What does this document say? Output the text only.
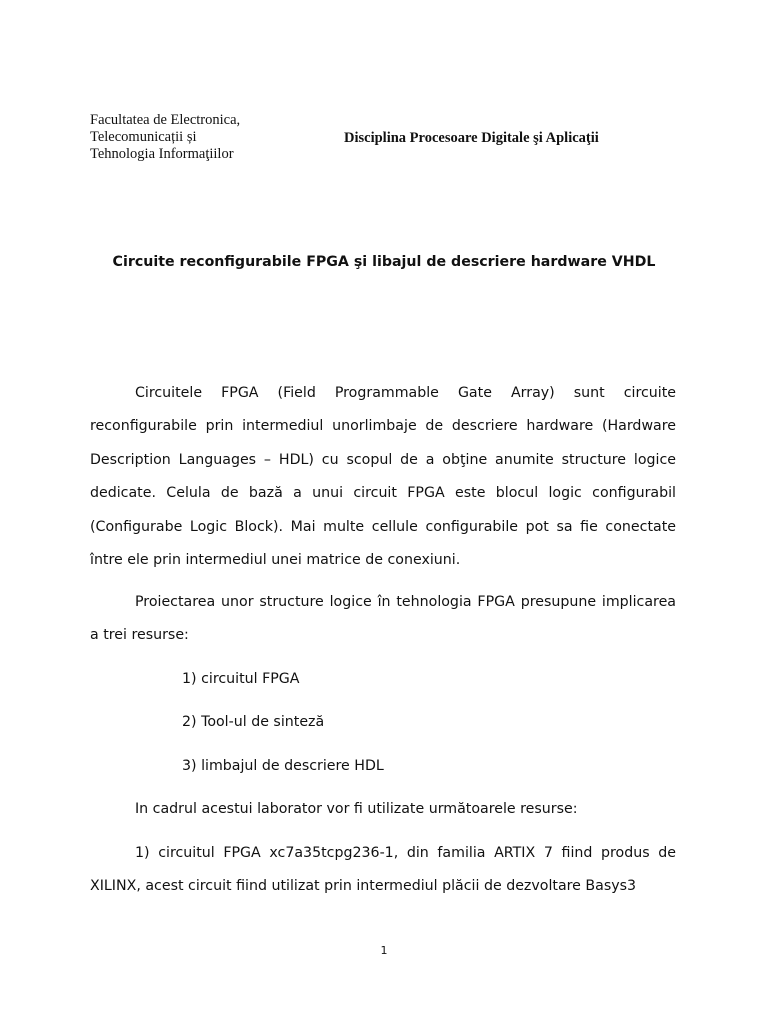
Facultatea de Electronica,
Telecomunicații și
Tehnologia Informaţiilor
Disciplina Procesoare Digitale şi Aplicaţii
Circuite reconfigurabile FPGA şi libajul de descriere hardware VHDL
Circuitele FPGA (Field Programmable Gate Array) sunt circuite reconfigurabile prin intermediul unorlimbaje de descriere hardware (Hardware Description Languages – HDL) cu scopul de a obţine anumite structure logice dedicate. Celula de bază a unui circuit FPGA este blocul logic configurabil (Configurabe Logic Block). Mai multe cellule configurabile pot sa fie conectate între ele prin intermediul unei matrice de conexiuni.
Proiectarea unor structure logice în tehnologia FPGA presupune implicarea a trei resurse:
1) circuitul FPGA
2) Tool-ul de sinteză
3) limbajul de descriere HDL
In cadrul acestui laborator vor fi utilizate următoarele resurse:
1) circuitul FPGA xc7a35tcpg236-1, din familia ARTIX 7 fiind produs de XILINX, acest circuit fiind utilizat prin intermediul plăcii de dezvoltare Basys3
1
